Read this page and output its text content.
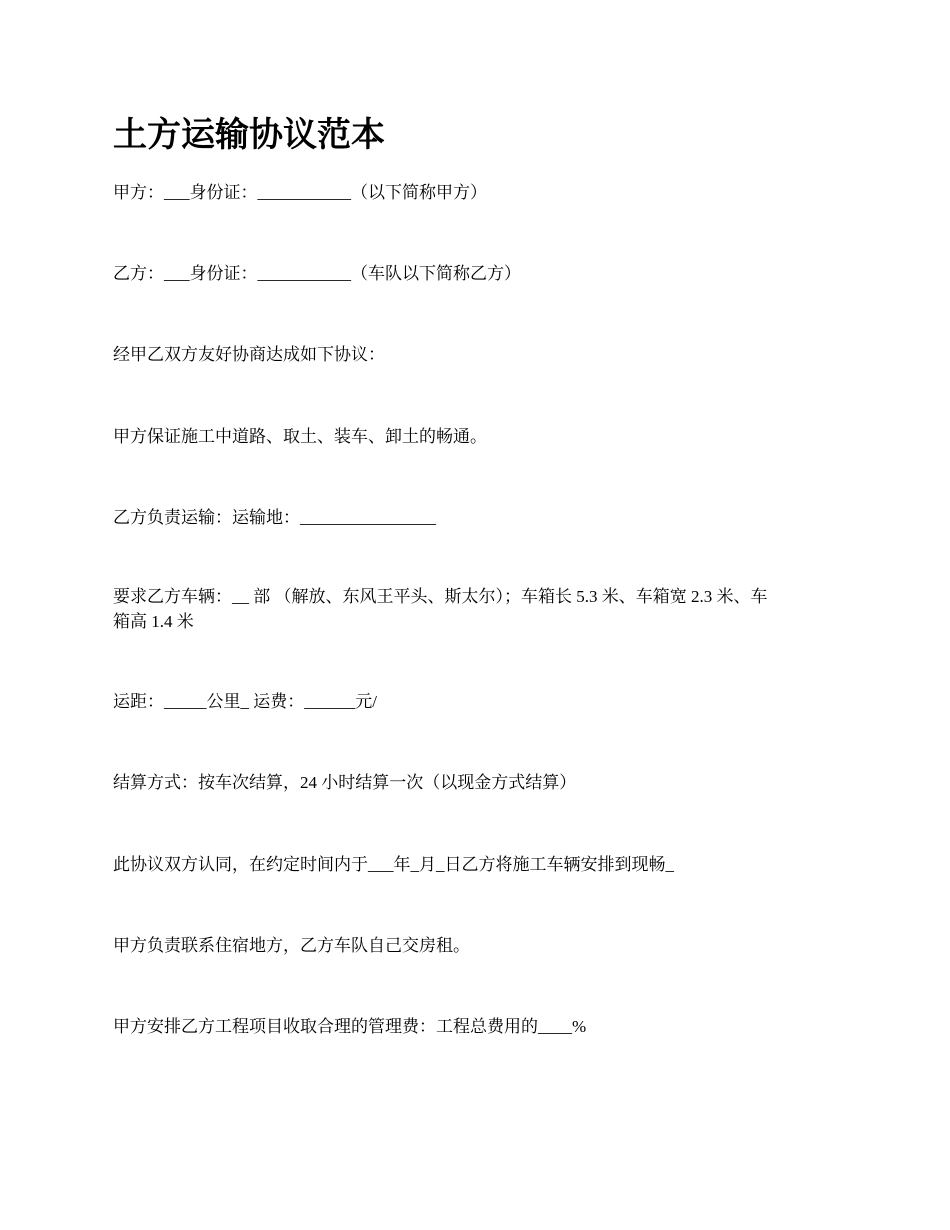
土方运输协议范本
甲方：___身份证：___________（以下简称甲方）
乙方：___身份证：___________（车队以下简称乙方）
经甲乙双方友好协商达成如下协议：
甲方保证施工中道路、取土、装车、卸土的畅通。
乙方负责运输：运输地：________________
要求乙方车辆：__ 部 （解放、东风王平头、斯太尔）；车箱长 5.3 米、车箱宽 2.3 米、车
箱高 1.4 米
运距：_____公里_ 运费：______元/
结算方式：按车次结算，24 小时结算一次（以现金方式结算）
此协议双方认同，在约定时间内于___年_月_日乙方将施工车辆安排到现畅_
甲方负责联系住宿地方，乙方车队自己交房租。
甲方安排乙方工程项目收取合理的管理费：工程总费用的____%
